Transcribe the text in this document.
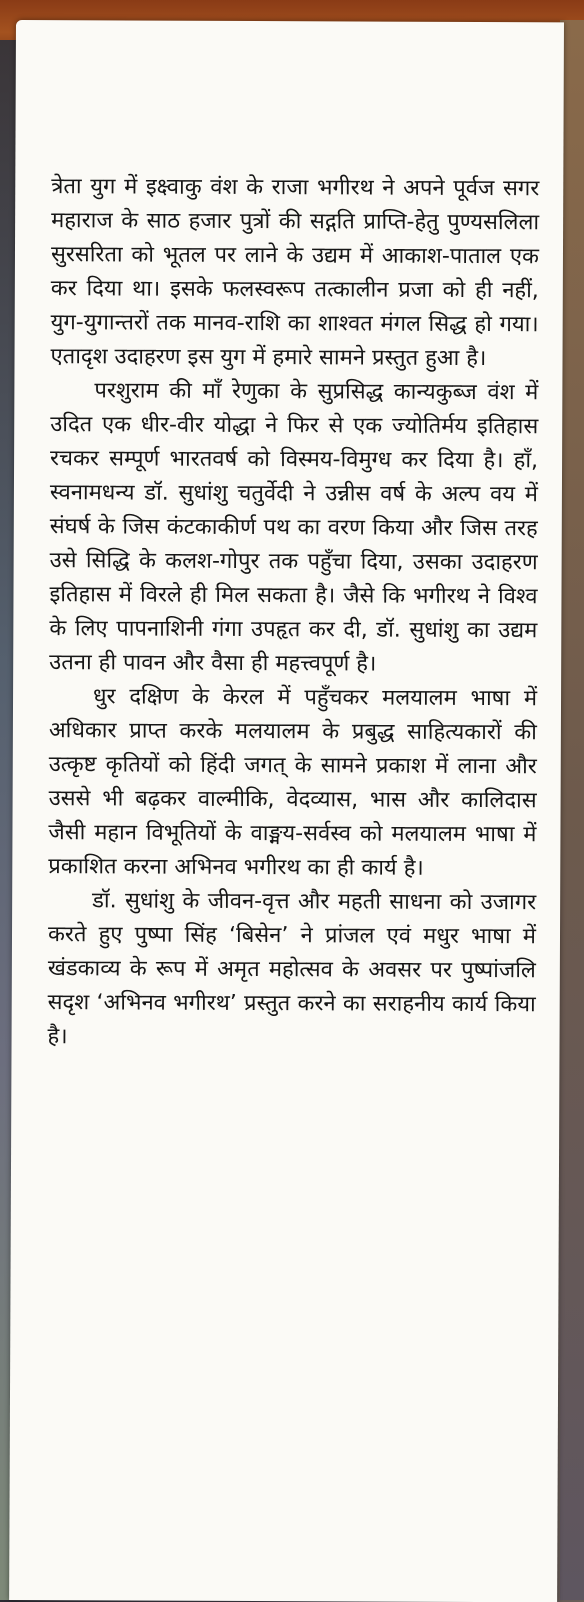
त्रेता युग में इक्ष्वाकु वंश के राजा भगीरथ ने अपने पूर्वज सगर महाराज के साठ हजार पुत्रों की सद्गति प्राप्ति-हेतु पुण्यसलिला सुरसरिता को भूतल पर लाने के उद्यम में आकाश-पाताल एक कर दिया था। इसके फलस्वरूप तत्कालीन प्रजा को ही नहीं, युग-युगान्तरों तक मानव-राशि का शाश्वत मंगल सिद्ध हो गया। एतादृश उदाहरण इस युग में हमारे सामने प्रस्तुत हुआ है।

परशुराम की माँ रेणुका के सुप्रसिद्ध कान्यकुब्ज वंश में उदित एक धीर-वीर योद्धा ने फिर से एक ज्योतिर्मय इतिहास रचकर सम्पूर्ण भारतवर्ष को विस्मय-विमुग्ध कर दिया है। हाँ, स्वनामधन्य डॉ. सुधांशु चतुर्वेदी ने उन्नीस वर्ष के अल्प वय में संघर्ष के जिस कंटकाकीर्ण पथ का वरण किया और जिस तरह उसे सिद्धि के कलश-गोपुर तक पहुँचा दिया, उसका उदाहरण इतिहास में विरले ही मिल सकता है। जैसे कि भगीरथ ने विश्व के लिए पापनाशिनी गंगा उपहृत कर दी, डॉ. सुधांशु का उद्यम उतना ही पावन और वैसा ही महत्त्वपूर्ण है।

धुर दक्षिण के केरल में पहुँचकर मलयालम भाषा में अधिकार प्राप्त करके मलयालम के प्रबुद्ध साहित्यकारों की उत्कृष्ट कृतियों को हिंदी जगत् के सामने प्रकाश में लाना और उससे भी बढ़कर वाल्मीकि, वेदव्यास, भास और कालिदास जैसी महान विभूतियों के वाङ्मय-सर्वस्व को मलयालम भाषा में प्रकाशित करना अभिनव भगीरथ का ही कार्य है।

डॉ. सुधांशु के जीवन-वृत्त और महती साधना को उजागर करते हुए पुष्पा सिंह ‘बिसेन’ ने प्रांजल एवं मधुर भाषा में खंडकाव्य के रूप में अमृत महोत्सव के अवसर पर पुष्पांजलि सदृश ‘अभिनव भगीरथ’ प्रस्तुत करने का सराहनीय कार्य किया है।
